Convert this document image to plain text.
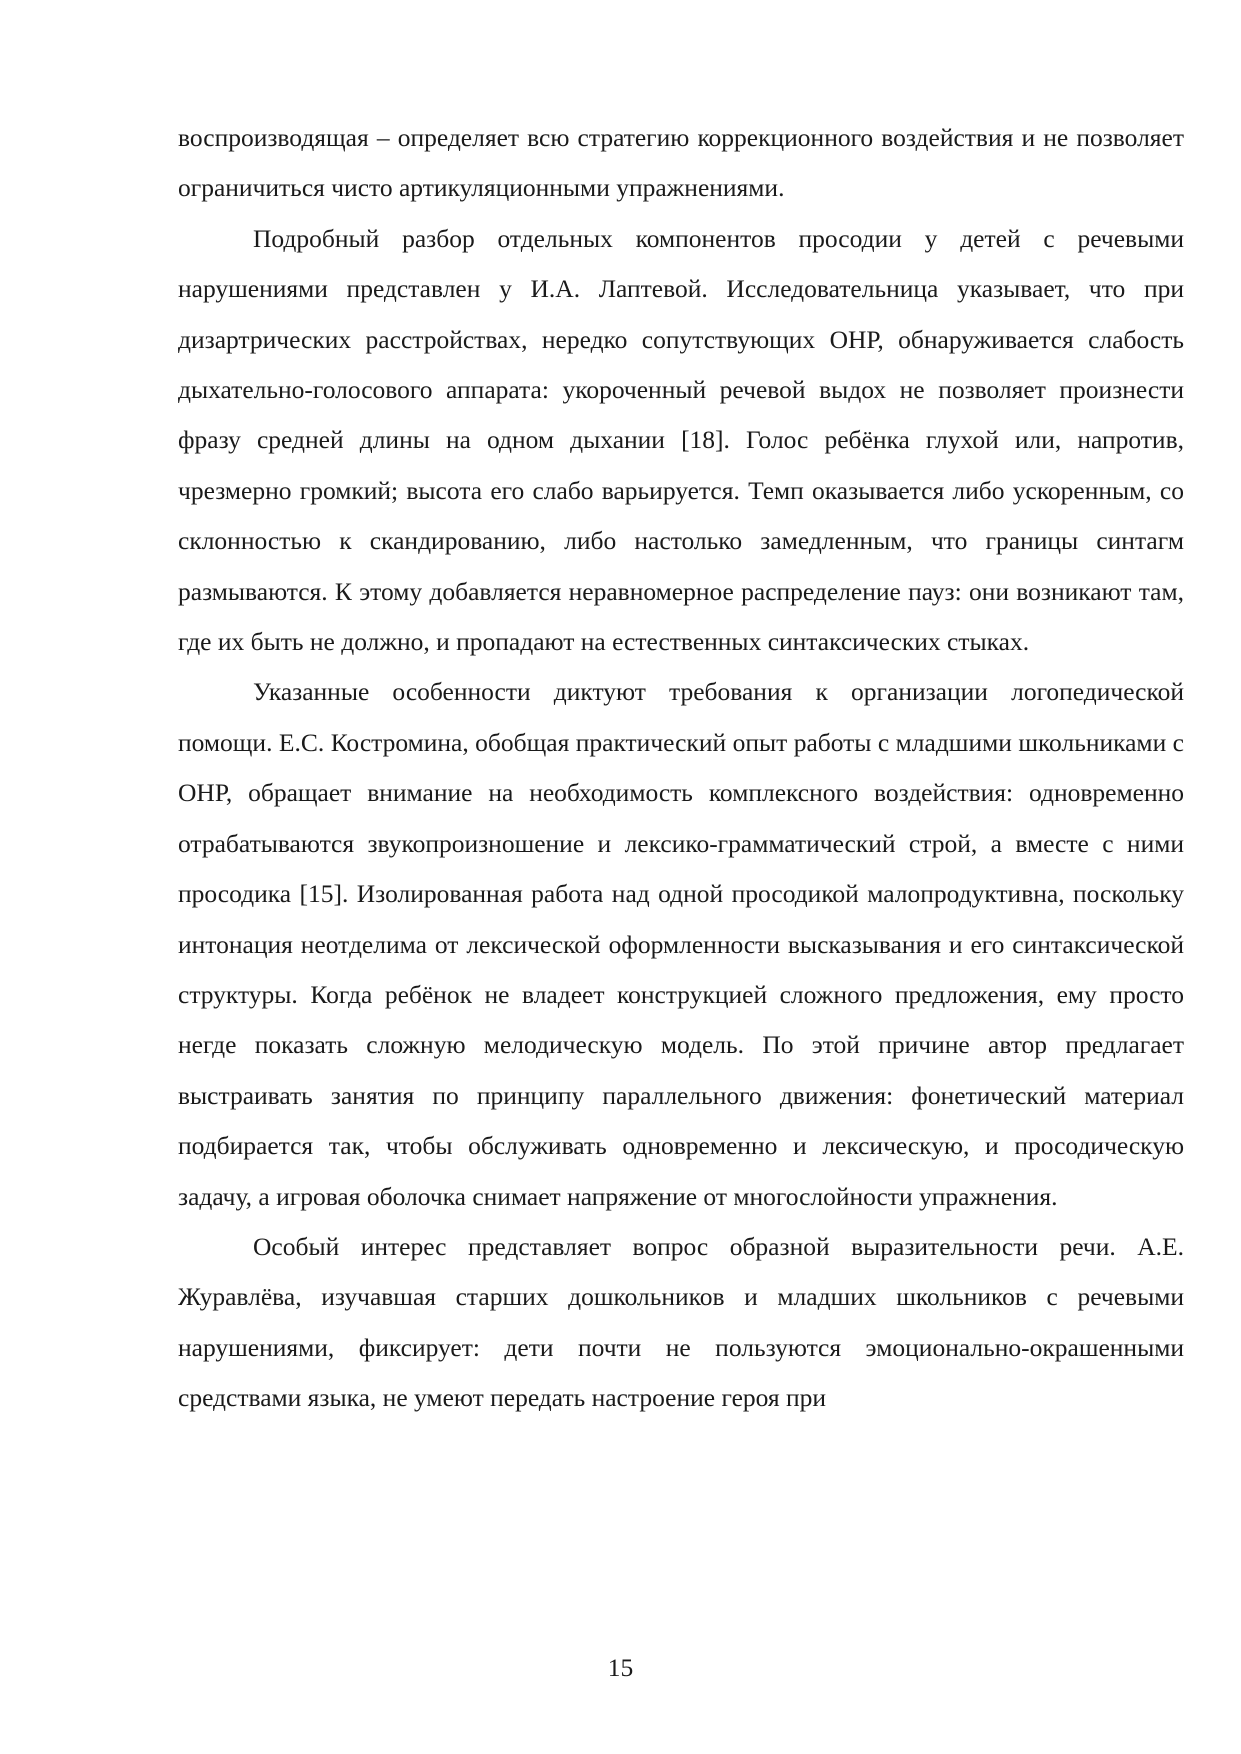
воспроизводящая – определяет всю стратегию коррекционного воздействия и не позволяет ограничиться чисто артикуляционными упражнениями.

Подробный разбор отдельных компонентов просодии у детей с речевыми нарушениями представлен у И.А. Лаптевой. Исследовательница указывает, что при дизартрических расстройствах, нередко сопутствующих ОНР, обнаруживается слабость дыхательно-голосового аппарата: укороченный речевой выдох не позволяет произнести фразу средней длины на одном дыхании [18]. Голос ребёнка глухой или, напротив, чрезмерно громкий; высота его слабо варьируется. Темп оказывается либо ускоренным, со склонностью к скандированию, либо настолько замедленным, что границы синтагм размываются. К этому добавляется неравномерное распределение пауз: они возникают там, где их быть не должно, и пропадают на естественных синтаксических стыках.

Указанные особенности диктуют требования к организации логопедической помощи. Е.С. Костромина, обобщая практический опыт работы с младшими школьниками с ОНР, обращает внимание на необходимость комплексного воздействия: одновременно отрабатываются звукопроизношение и лексико-грамматический строй, а вместе с ними просодика [15]. Изолированная работа над одной просодикой малопродуктивна, поскольку интонация неотделима от лексической оформленности высказывания и его синтаксической структуры. Когда ребёнок не владеет конструкцией сложного предложения, ему просто негде показать сложную мелодическую модель. По этой причине автор предлагает выстраивать занятия по принципу параллельного движения: фонетический материал подбирается так, чтобы обслуживать одновременно и лексическую, и просодическую задачу, а игровая оболочка снимает напряжение от многослойности упражнения.

Особый интерес представляет вопрос образной выразительности речи. А.Е. Журавлёва, изучавшая старших дошкольников и младших школьников с речевыми нарушениями, фиксирует: дети почти не пользуются эмоционально-окрашенными средствами языка, не умеют передать настроение героя при

15
